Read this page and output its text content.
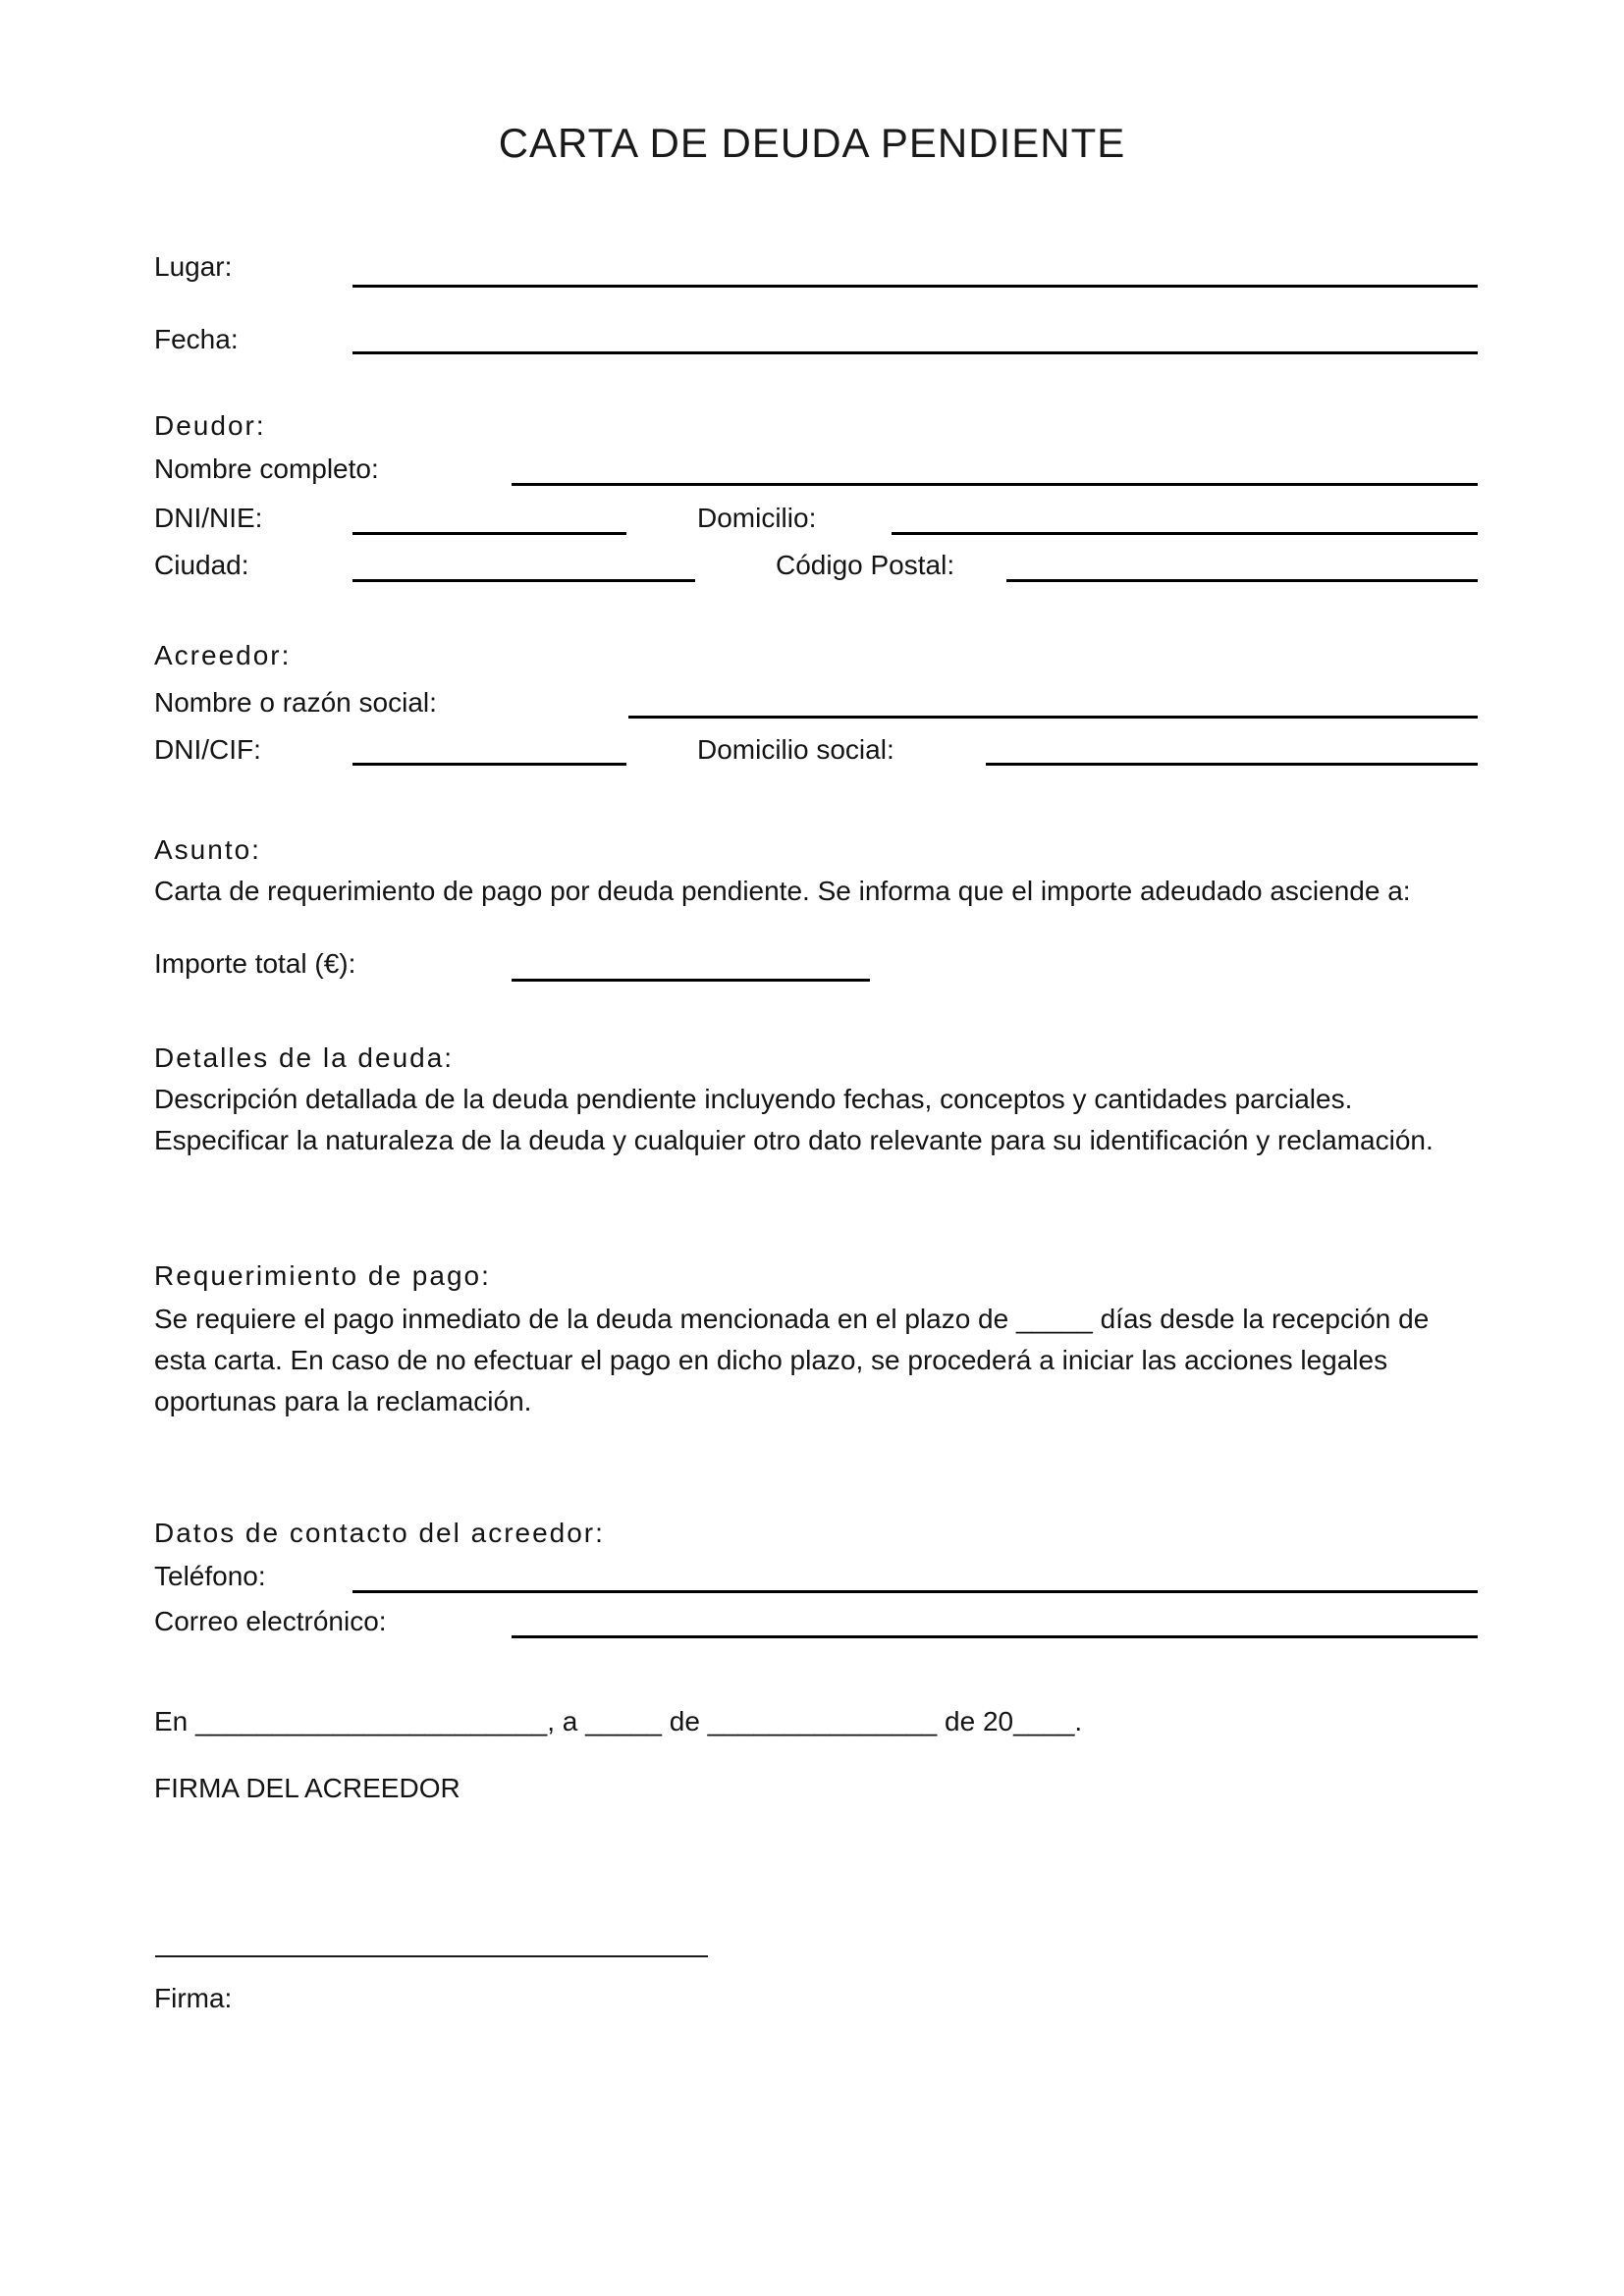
CARTA DE DEUDA PENDIENTE
Lugar:
Fecha:
Deudor:
Nombre completo:
DNI/NIE:	Domicilio:
Ciudad:	Código Postal:
Acreedor:
Nombre o razón social:
DNI/CIF:	Domicilio social:
Asunto:
Carta de requerimiento de pago por deuda pendiente. Se informa que el importe adeudado asciende a:
Importe total (€):
Detalles de la deuda:
Descripción detallada de la deuda pendiente incluyendo fechas, conceptos y cantidades parciales.
Especificar la naturaleza de la deuda y cualquier otro dato relevante para su identificación y reclamación.
Requerimiento de pago:
Se requiere el pago inmediato de la deuda mencionada en el plazo de _____ días desde la recepción de
esta carta. En caso de no efectuar el pago en dicho plazo, se procederá a iniciar las acciones legales
oportunas para la reclamación.
Datos de contacto del acreedor:
Teléfono:
Correo electrónico:
En _______________________, a _____ de _______________ de 20____.
FIRMA DEL ACREEDOR
Firma:
